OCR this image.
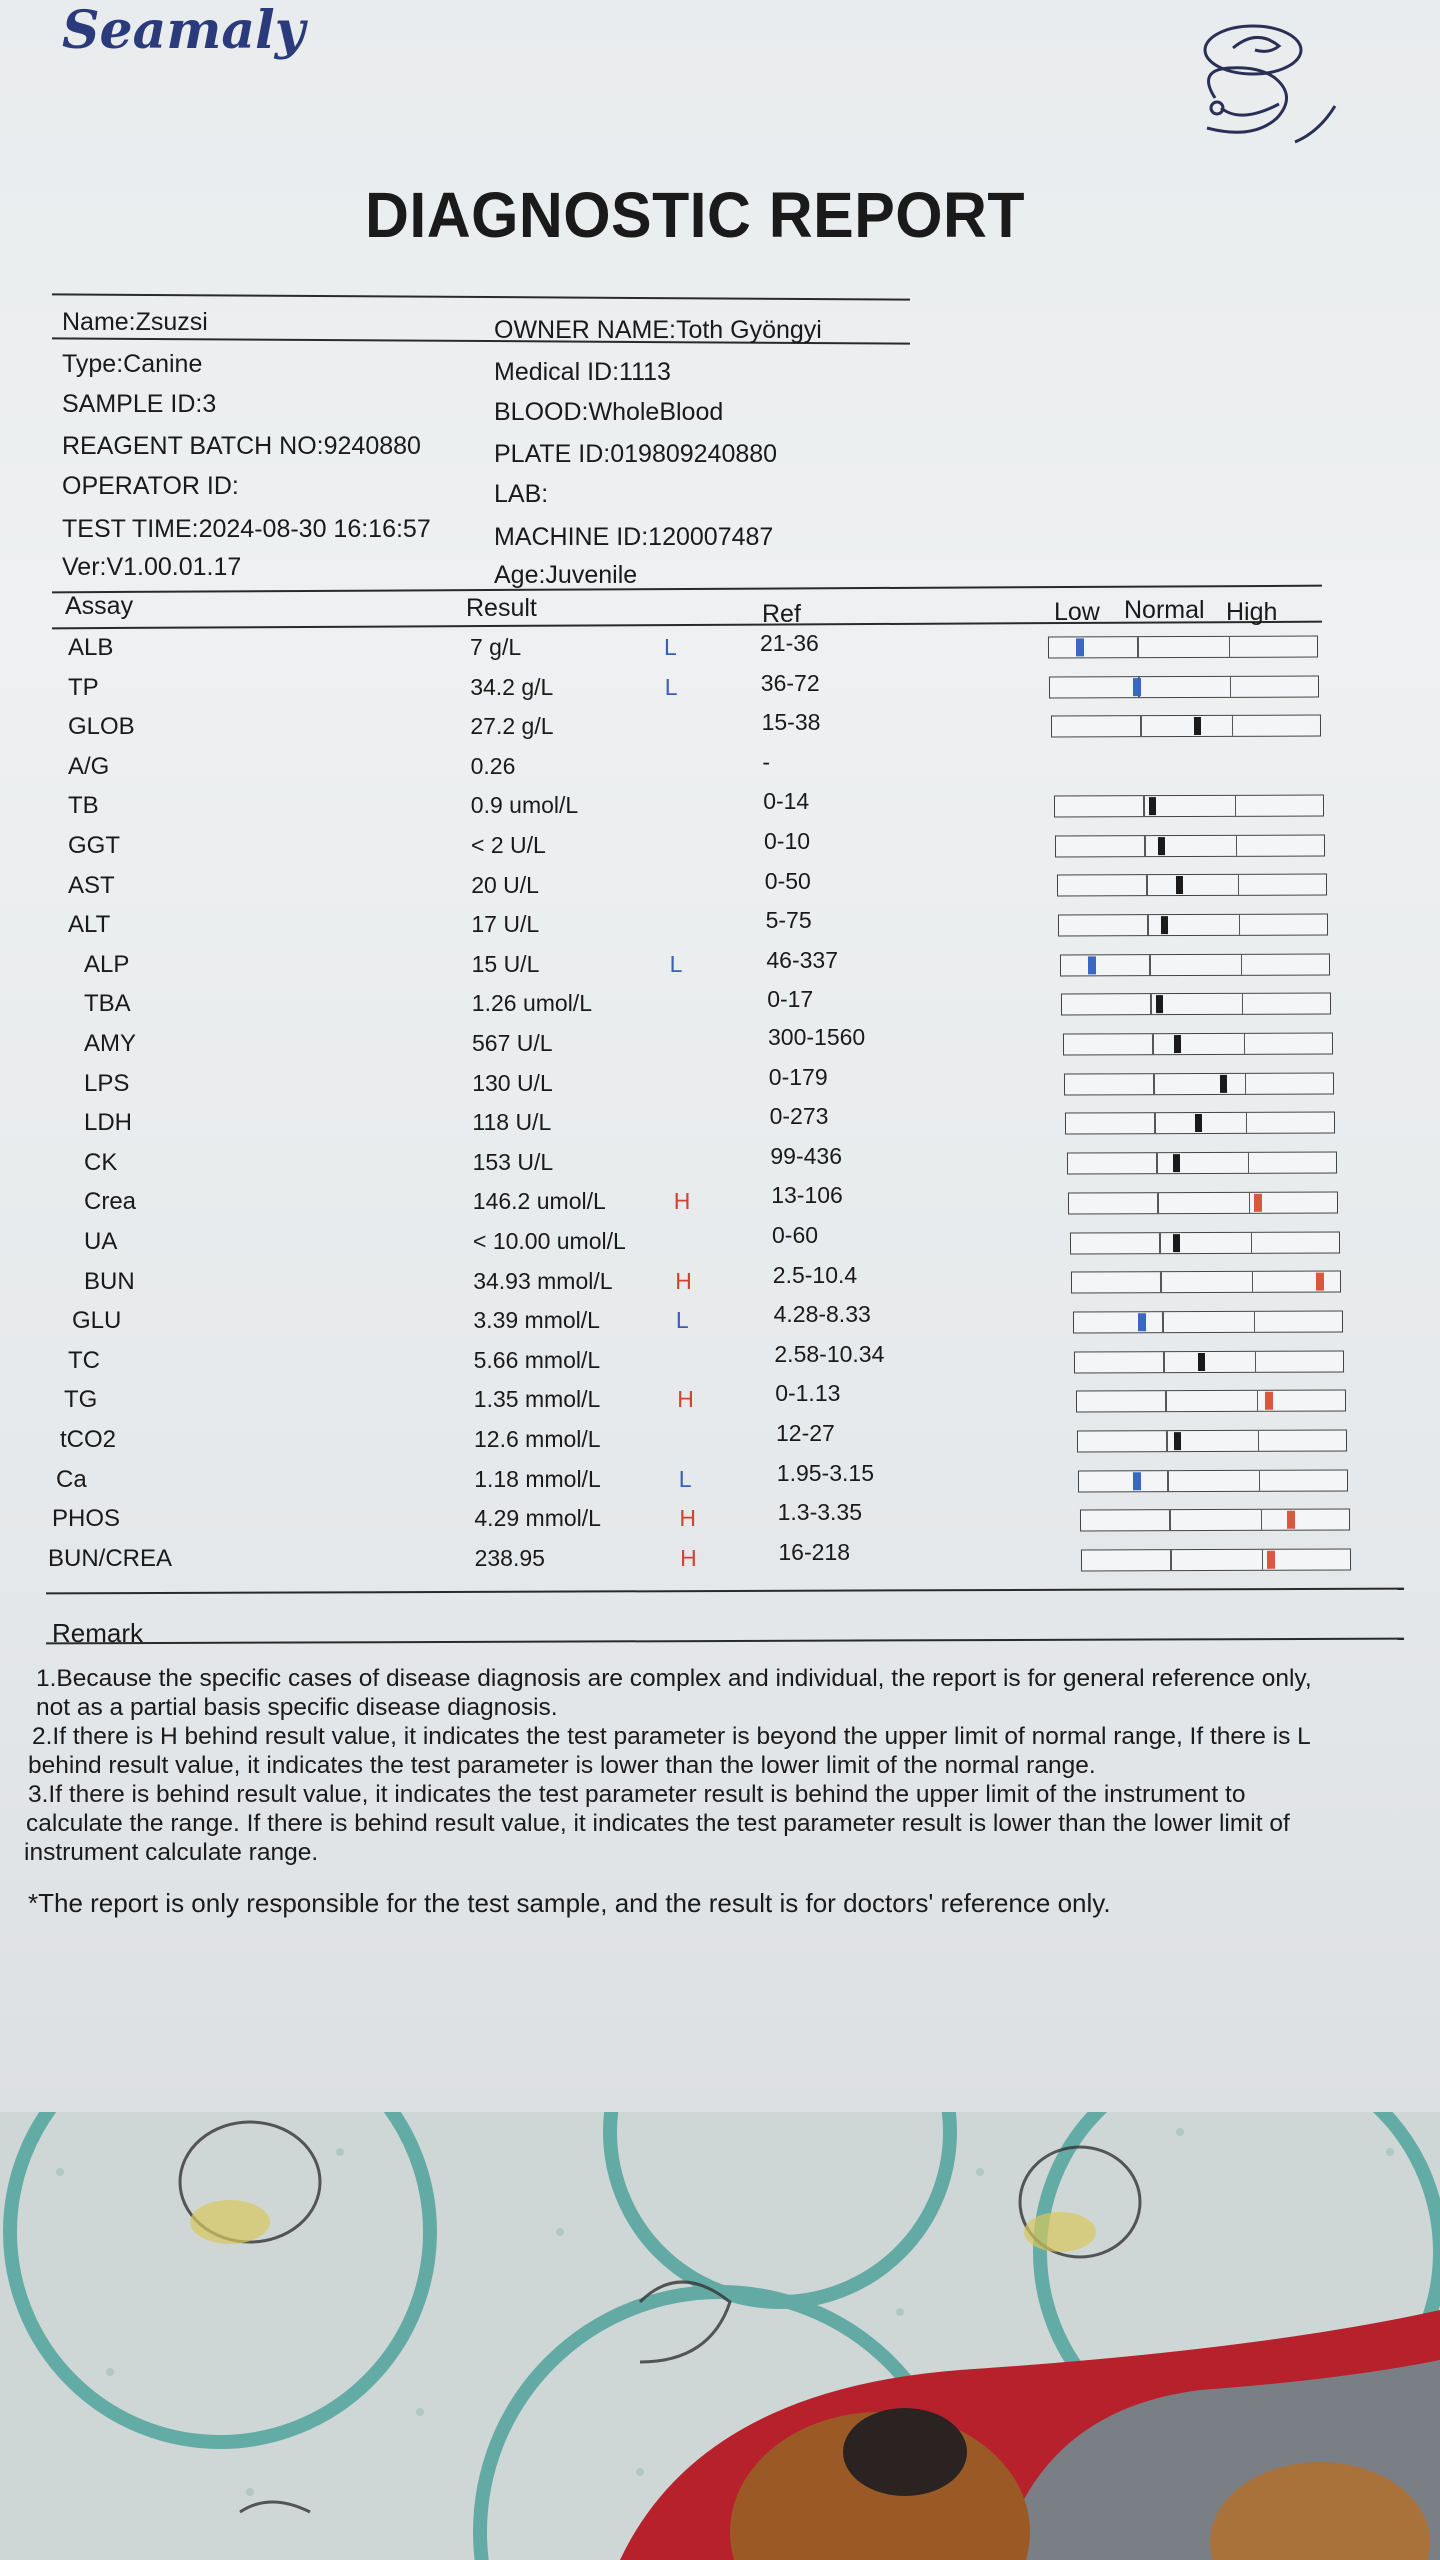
Seamaly
DIAGNOSTIC REPORT
Name:Zsuzsi
Type:Canine
SAMPLE ID:3
REAGENT BATCH NO:9240880
OPERATOR ID:
TEST TIME:2024-08-30 16:16:57
Ver:V1.00.01.17
OWNER NAME:Toth Gyöngyi
Medical ID:1113
BLOOD:WholeBlood
PLATE ID:019809240880
LAB:
MACHINE ID:120007487
Age:Juvenile
Assay	Result	Ref	Low Normal High
ALB	7 g/L	L	21-36
TP	34.2 g/L	L	36-72
GLOB	27.2 g/L	15-38
A/G	0.26	-
TB	0.9 umol/L	0-14
GGT	< 2 U/L	0-10
AST	20 U/L	0-50
ALT	17 U/L	5-75
ALP	15 U/L	L	46-337
TBA	1.26 umol/L	0-17
AMY	567 U/L	300-1560
LPS	130 U/L	0-179
LDH	118 U/L	0-273
CK	153 U/L	99-436
Crea	146.2 umol/L	H	13-106
UA	< 10.00 umol/L	0-60
BUN	34.93 mmol/L	H	2.5-10.4
GLU	3.39 mmol/L	L	4.28-8.33
TC	5.66 mmol/L	2.58-10.34
TG	1.35 mmol/L	H	0-1.13
tCO2	12.6 mmol/L	12-27
Ca	1.18 mmol/L	L	1.95-3.15
PHOS	4.29 mmol/L	H	1.3-3.35
BUN/CREA	238.95	H	16-218
Remark
1.Because the specific cases of disease diagnosis are complex and individual, the report is for general reference only,
not as a partial basis specific disease diagnosis.
2.If there is H behind result value, it indicates the test parameter is beyond the upper limit of normal range, If there is L
behind result value, it indicates the test parameter is lower than the lower limit of the normal range.
3.If there is behind result value, it indicates the test parameter result is behind the upper limit of the instrument to
calculate the range. If there is behind result value, it indicates the test parameter result is lower than the lower limit of
instrument calculate range.
*The report is only responsible for the test sample, and the result is for doctors' reference only.
